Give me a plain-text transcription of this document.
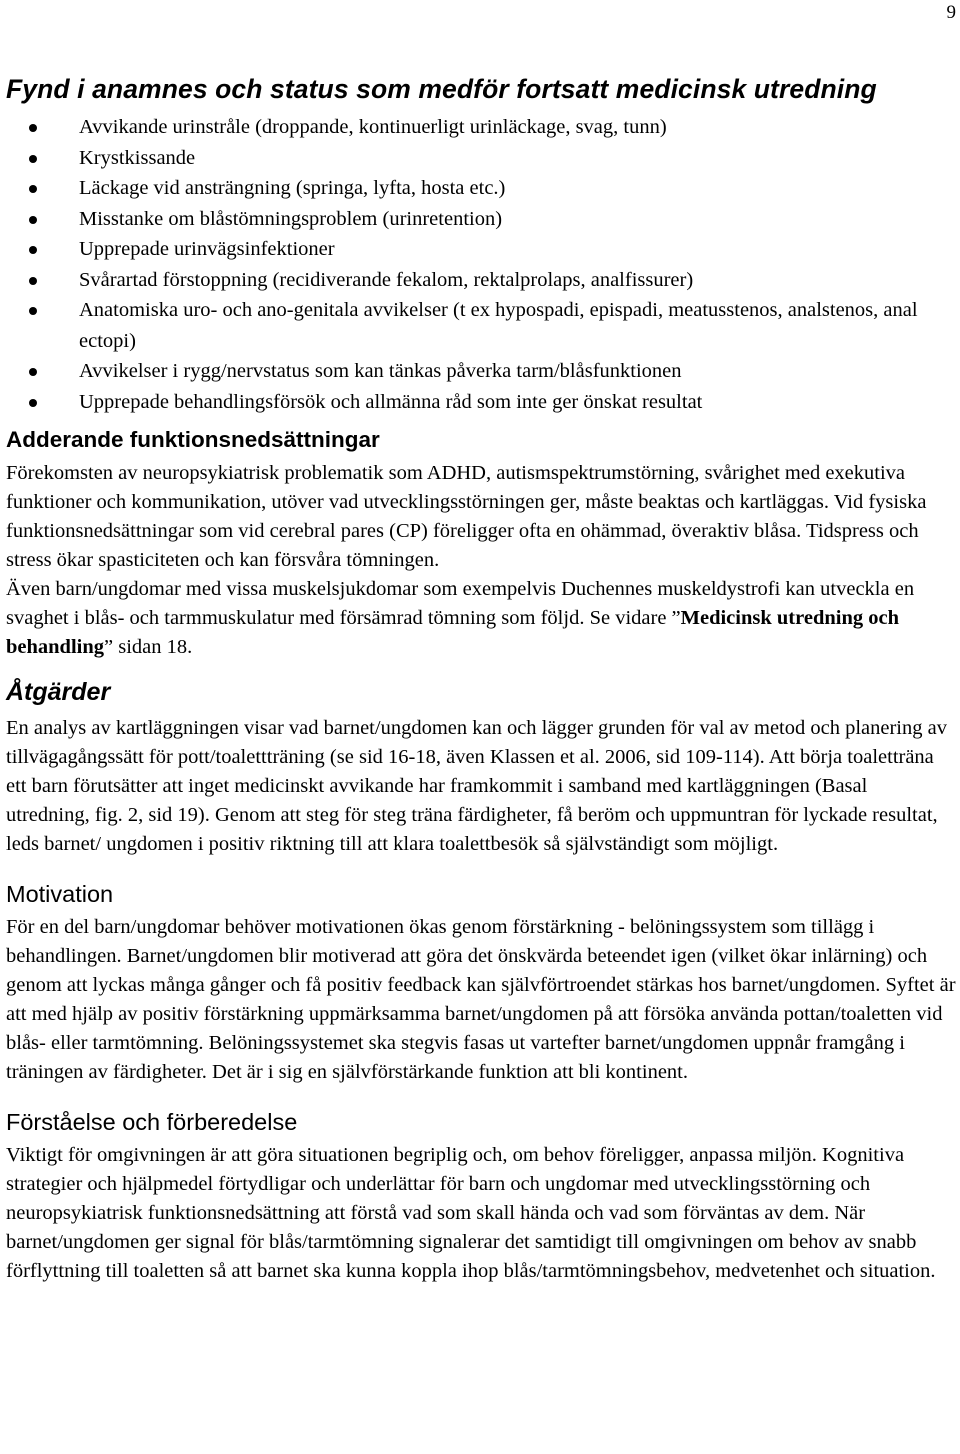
9
Fynd i anamnes och status som medför fortsatt medicinsk utredning
Avvikande urinstråle (droppande, kontinuerligt urinläckage, svag, tunn)
Krystkissande
Läckage vid ansträngning (springa, lyfta, hosta etc.)
Misstanke om blåstömningsproblem (urinretention)
Upprepade urinvägsinfektioner
Svårartad förstoppning (recidiverande fekalom, rektalprolaps, analfissurer)
Anatomiska uro- och ano-genitala avvikelser (t ex hypospadi, epispadi, meatusstenos, analstenos, anal ectopi)
Avvikelser i rygg/nervstatus som kan tänkas påverka tarm/blåsfunktionen
Upprepade behandlingsförsök och allmänna råd som inte ger önskat resultat
Adderande funktionsnedsättningar

Förekomsten av neuropsykiatrisk problematik som ADHD, autismspektrumstörning, svårighet med exekutiva funktioner och kommunikation, utöver vad utvecklingsstörningen ger, måste beaktas och kartläggas. Vid fysiska funktionsnedsättningar som vid cerebral pares (CP) föreligger ofta en ohämmad, överaktiv blåsa. Tidspress och stress ökar spasticiteten och kan försvåra tömningen.

Även barn/ungdomar med vissa muskelsjukdomar som exempelvis Duchennes muskeldystrofi kan utveckla en svaghet i blås- och tarmmuskulatur med försämrad tömning som följd. Se vidare ”Medicinsk utredning och behandling” sidan 18.

Åtgärder

En analys av kartläggningen visar vad barnet/ungdomen kan och lägger grunden för val av metod och planering av tillvägagångssätt för pott/toalettträning (se sid 16-18, även Klassen et al. 2006, sid 109-114). Att börja toaletträna ett barn förutsätter att inget medicinskt avvikande har framkommit i samband med kartläggningen (Basal utredning, fig. 2, sid 19). Genom att steg för steg träna färdigheter, få beröm och uppmuntran för lyckade resultat, leds barnet/ ungdomen i positiv riktning till att klara toalettbesök så självständigt som möjligt.

Motivation

För en del barn/ungdomar behöver motivationen ökas genom förstärkning - belöningssystem som tillägg i behandlingen. Barnet/ungdomen blir motiverad att göra det önskvärda beteendet igen (vilket ökar inlärning) och genom att lyckas många gånger och få positiv feedback kan självförtroendet stärkas hos barnet/ungdomen. Syftet är att med hjälp av positiv förstärkning uppmärksamma barnet/ungdomen på att försöka använda pottan/toaletten vid blås- eller tarmtömning. Belöningssystemet ska stegvis fasas ut vartefter barnet/ungdomen uppnår framgång i träningen av färdigheter. Det är i sig en självförstärkande funktion att bli kontinent.

Förståelse och förberedelse

Viktigt för omgivningen är att göra situationen begriplig och, om behov föreligger, anpassa miljön. Kognitiva strategier och hjälpmedel förtydligar och underlättar för barn och ungdomar med utvecklingsstörning och neuropsykiatrisk funktionsnedsättning att förstå vad som skall hända och vad som förväntas av dem. När barnet/ungdomen ger signal för blås/tarmtömning signalerar det samtidigt till omgivningen om behov av snabb förflyttning till toaletten så att barnet ska kunna koppla ihop blås/tarmtömningsbehov, medvetenhet och situation.
